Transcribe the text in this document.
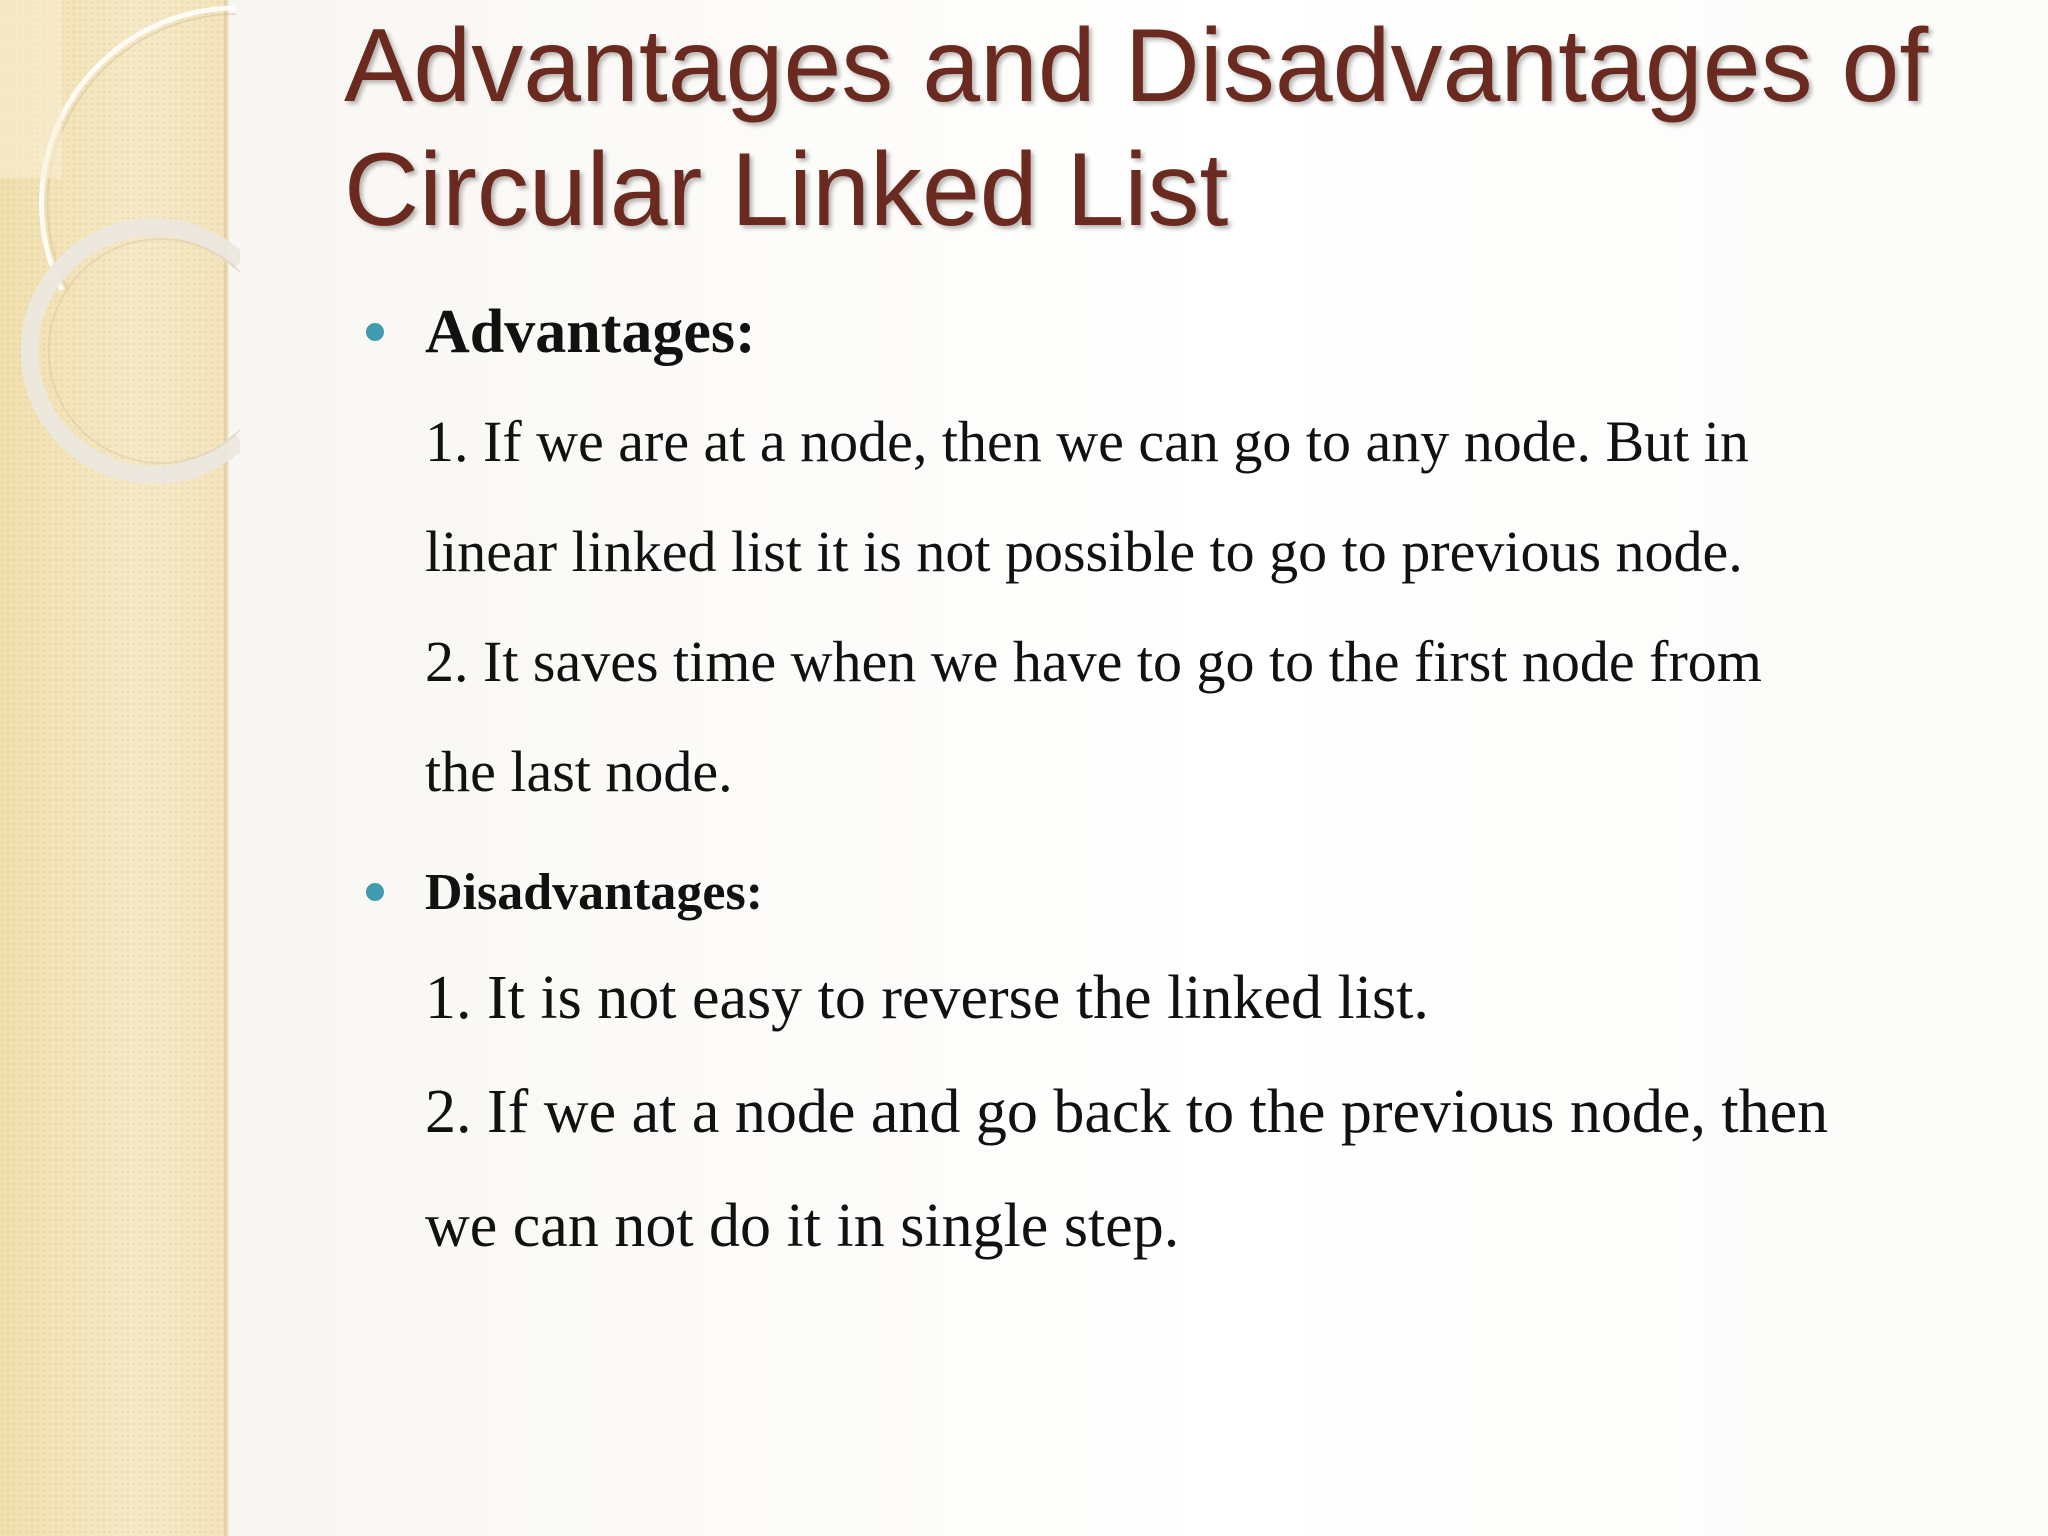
Advantages and Disadvantages of Circular Linked List

Advantages:

1. If we are at a node, then we can go to any node. But in

linear linked list it is not possible to go to previous node.

2. It saves time when we have to go to the first node from

the last node.

Disadvantages:

1. It is not easy to reverse the linked list.

2. If we at a node and go back to the previous node, then

we can not do it in single step.
